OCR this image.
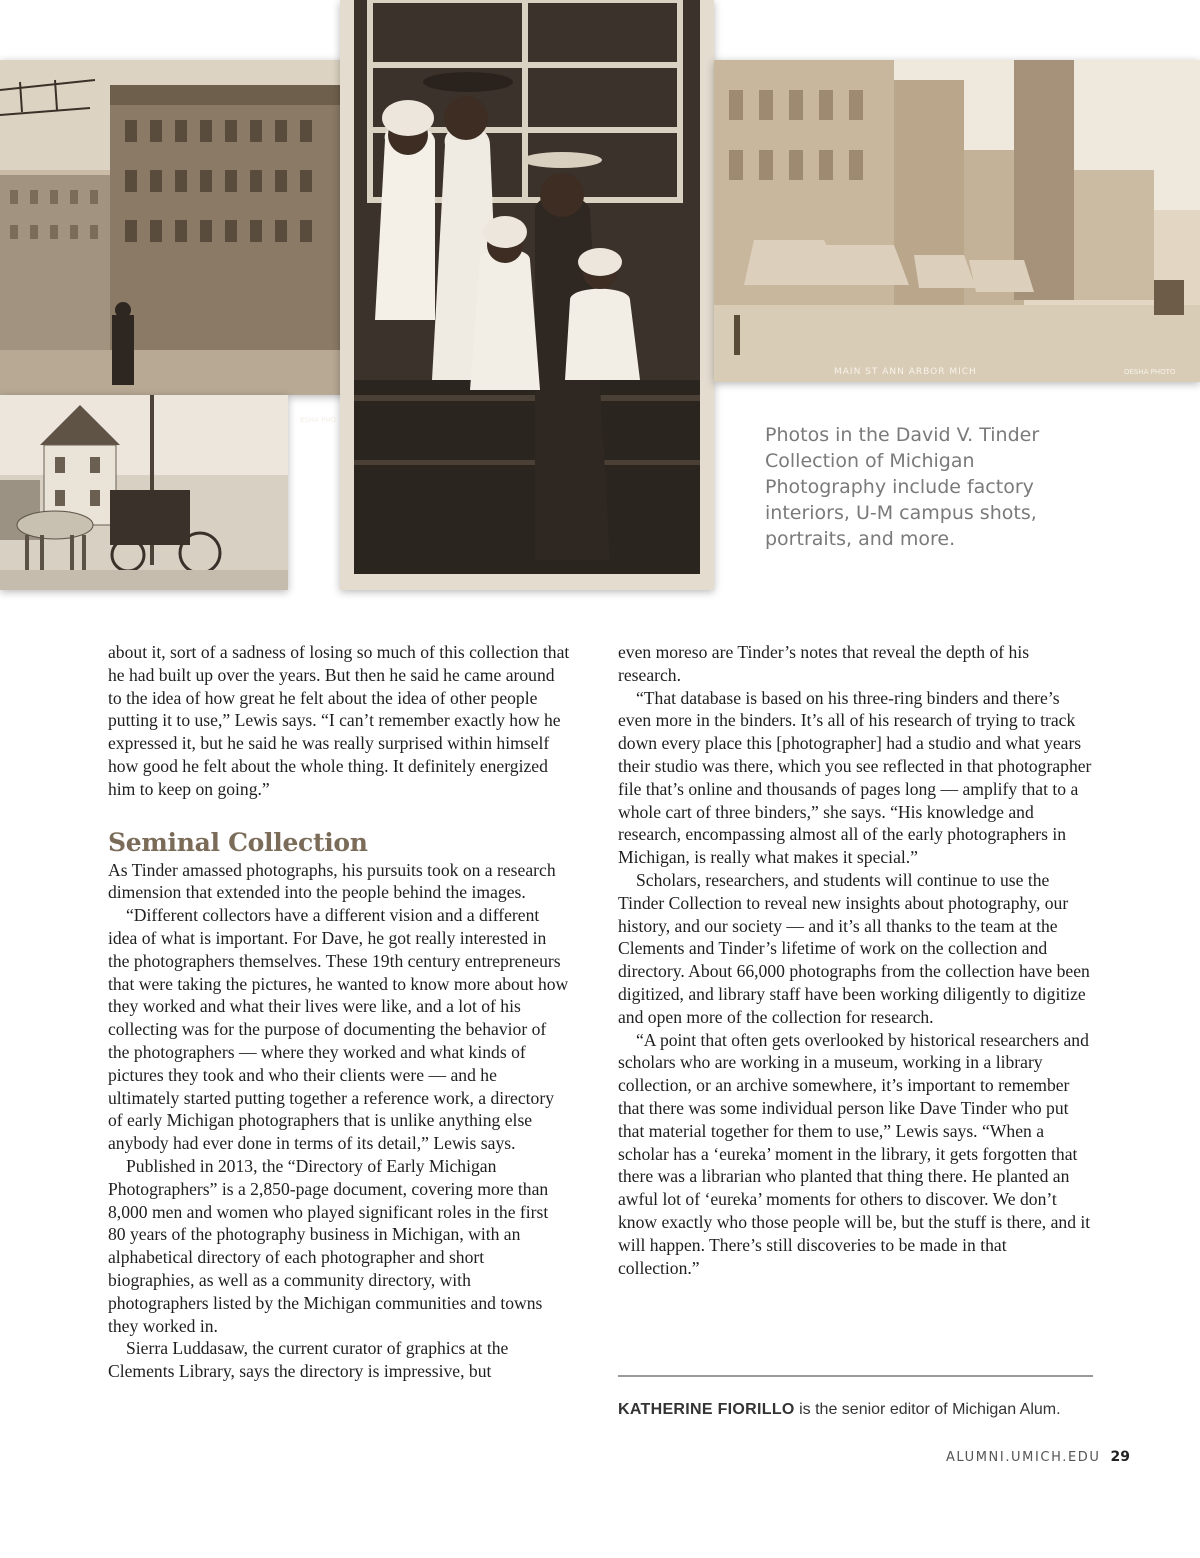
ESHA PHO
MAIN ST ANN ARBOR MICH	OESHA PHOTO

Photos in the David V. Tinder Collection of Michigan Photography include factory interiors, U-M campus shots, portraits, and more.

about it, sort of a sadness of losing so much of this collection that he had built up over the years. But then he said he came around to the idea of how great he felt about the idea of other people putting it to use,” Lewis says. “I can’t remember exactly how he expressed it, but he said he was really surprised within himself how good he felt about the whole thing. It definitely energized him to keep on going.”

Seminal Collection

As Tinder amassed photographs, his pursuits took on a research dimension that extended into the people behind the images.

“Different collectors have a different vision and a different idea of what is important. For Dave, he got really interested in the photographers themselves. These 19th century entrepreneurs that were taking the pictures, he wanted to know more about how they worked and what their lives were like, and a lot of his collecting was for the purpose of documenting the behavior of the photographers — where they worked and what kinds of pictures they took and who their clients were — and he ultimately started putting together a reference work, a directory of early Michigan photographers that is unlike anything else anybody had ever done in terms of its detail,” Lewis says.

Published in 2013, the “Directory of Early Michigan Photographers” is a 2,850-page document, covering more than 8,000 men and women who played significant roles in the first 80 years of the photography business in Michigan, with an alphabetical directory of each photographer and short biographies, as well as a community directory, with photographers listed by the Michigan communities and towns they worked in.

Sierra Luddasaw, the current curator of graphics at the Clements Library, says the directory is impressive, but

even moreso are Tinder’s notes that reveal the depth of his research.

“That database is based on his three-ring binders and there’s even more in the binders. It’s all of his research of trying to track down every place this [photographer] had a studio and what years their studio was there, which you see reflected in that photographer file that’s online and thousands of pages long — amplify that to a whole cart of three binders,” she says. “His knowledge and research, encompassing almost all of the early photographers in Michigan, is really what makes it special.”

Scholars, researchers, and students will continue to use the Tinder Collection to reveal new insights about photography, our history, and our society — and it’s all thanks to the team at the Clements and Tinder’s lifetime of work on the collection and directory. About 66,000 photographs from the collection have been digitized, and library staff have been working diligently to digitize and open more of the collection for research.

“A point that often gets overlooked by historical researchers and scholars who are working in a museum, working in a library collection, or an archive somewhere, it’s important to remember that there was some individual person like Dave Tinder who put that material together for them to use,” Lewis says. “When a scholar has a ‘eureka’ moment in the library, it gets forgotten that there was a librarian who planted that thing there. He planted an awful lot of ‘eureka’ moments for others to discover. We don’t know exactly who those people will be, but the stuff is there, and it will happen. There’s still discoveries to be made in that collection.”

KATHERINE FIORILLO is the senior editor of Michigan Alum.

ALUMNI.UMICH.EDU 29
